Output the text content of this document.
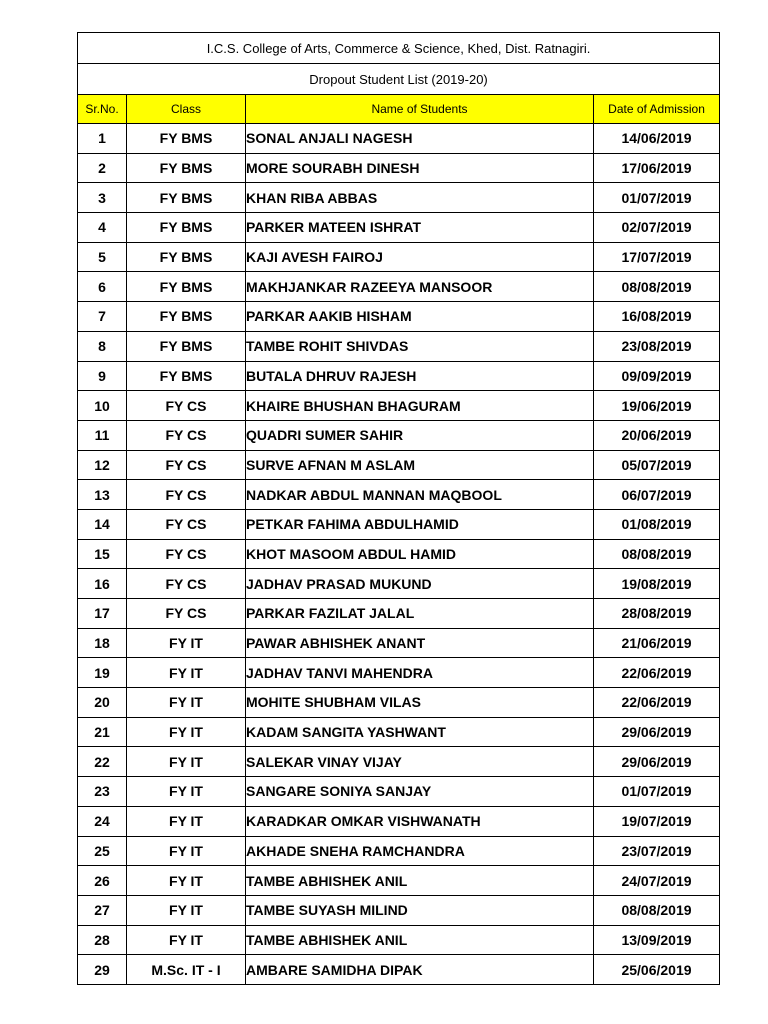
I.C.S. College of Arts, Commerce & Science, Khed, Dist. Ratnagiri.			
Dropout Student List (2019-20)			
Sr.No.	Class	Name of Students	Date of Admission
1	FY BMS	SONAL ANJALI NAGESH	14/06/2019
2	FY BMS	MORE SOURABH DINESH	17/06/2019
3	FY BMS	KHAN RIBA ABBAS	01/07/2019
4	FY BMS	PARKER MATEEN ISHRAT	02/07/2019
5	FY BMS	KAJI AVESH FAIROJ	17/07/2019
6	FY BMS	MAKHJANKAR RAZEEYA MANSOOR	08/08/2019
7	FY BMS	PARKAR AAKIB HISHAM	16/08/2019
8	FY BMS	TAMBE ROHIT SHIVDAS	23/08/2019
9	FY BMS	BUTALA DHRUV RAJESH	09/09/2019
10	FY CS	KHAIRE BHUSHAN BHAGURAM	19/06/2019
11	FY CS	QUADRI SUMER SAHIR	20/06/2019
12	FY CS	SURVE AFNAN M ASLAM	05/07/2019
13	FY CS	NADKAR ABDUL MANNAN MAQBOOL	06/07/2019
14	FY CS	PETKAR FAHIMA ABDULHAMID	01/08/2019
15	FY CS	KHOT MASOOM ABDUL HAMID	08/08/2019
16	FY CS	JADHAV PRASAD MUKUND	19/08/2019
17	FY CS	PARKAR FAZILAT JALAL	28/08/2019
18	FY IT	PAWAR ABHISHEK ANANT	21/06/2019
19	FY IT	JADHAV TANVI MAHENDRA	22/06/2019
20	FY IT	MOHITE SHUBHAM VILAS	22/06/2019
21	FY IT	KADAM SANGITA YASHWANT	29/06/2019
22	FY IT	SALEKAR VINAY VIJAY	29/06/2019
23	FY IT	SANGARE SONIYA SANJAY	01/07/2019
24	FY IT	KARADKAR OMKAR VISHWANATH	19/07/2019
25	FY IT	AKHADE SNEHA RAMCHANDRA	23/07/2019
26	FY IT	TAMBE ABHISHEK ANIL	24/07/2019
27	FY IT	TAMBE SUYASH MILIND	08/08/2019
28	FY IT	TAMBE ABHISHEK ANIL	13/09/2019
29	M.Sc. IT - I	AMBARE SAMIDHA DIPAK	25/06/2019
